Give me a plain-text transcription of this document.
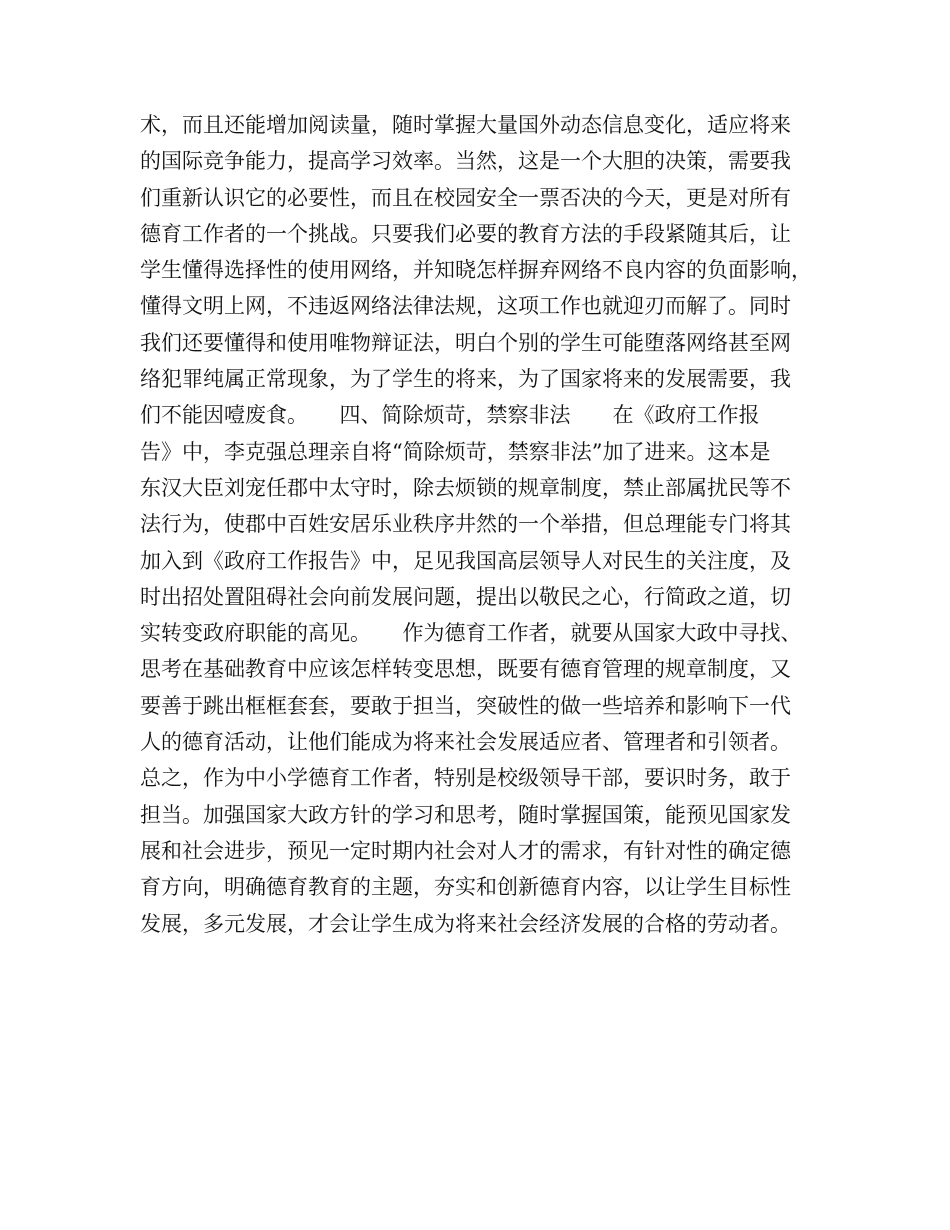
术，而且还能增加阅读量，随时掌握大量国外动态信息变化，适应将来
的国际竞争能力，提高学习效率。当然，这是一个大胆的决策，需要我
们重新认识它的必要性，而且在校园安全一票否决的今天，更是对所有
德育工作者的一个挑战。只要我们必要的教育方法的手段紧随其后，让
学生懂得选择性的使用网络，并知晓怎样摒弃网络不良内容的负面影响，
懂得文明上网，不违返网络法律法规，这项工作也就迎刃而解了。同时
我们还要懂得和使用唯物辩证法，明白个别的学生可能堕落网络甚至网
络犯罪纯属正常现象，为了学生的将来，为了国家将来的发展需要，我
们不能因噎废食。　　四、简除烦苛，禁察非法　　在《政府工作报
告》中，李克强总理亲自将“简除烦苛，禁察非法”加了进来。这本是
东汉大臣刘宠任郡中太守时，除去烦锁的规章制度，禁止部属扰民等不
法行为，使郡中百姓安居乐业秩序井然的一个举措，但总理能专门将其
加入到《政府工作报告》中，足见我国高层领导人对民生的关注度，及
时出招处置阻碍社会向前发展问题，提出以敬民之心，行简政之道，切
实转变政府职能的高见。　　作为德育工作者，就要从国家大政中寻找、
思考在基础教育中应该怎样转变思想，既要有德育管理的规章制度，又
要善于跳出框框套套，要敢于担当，突破性的做一些培养和影响下一代
人的德育活动，让他们能成为将来社会发展适应者、管理者和引领者。
总之，作为中小学德育工作者，特别是校级领导干部，要识时务，敢于
担当。加强国家大政方针的学习和思考，随时掌握国策，能预见国家发
展和社会进步，预见一定时期内社会对人才的需求，有针对性的确定德
育方向，明确德育教育的主题，夯实和创新德育内容，以让学生目标性
发展，多元发展，才会让学生成为将来社会经济发展的合格的劳动者。
